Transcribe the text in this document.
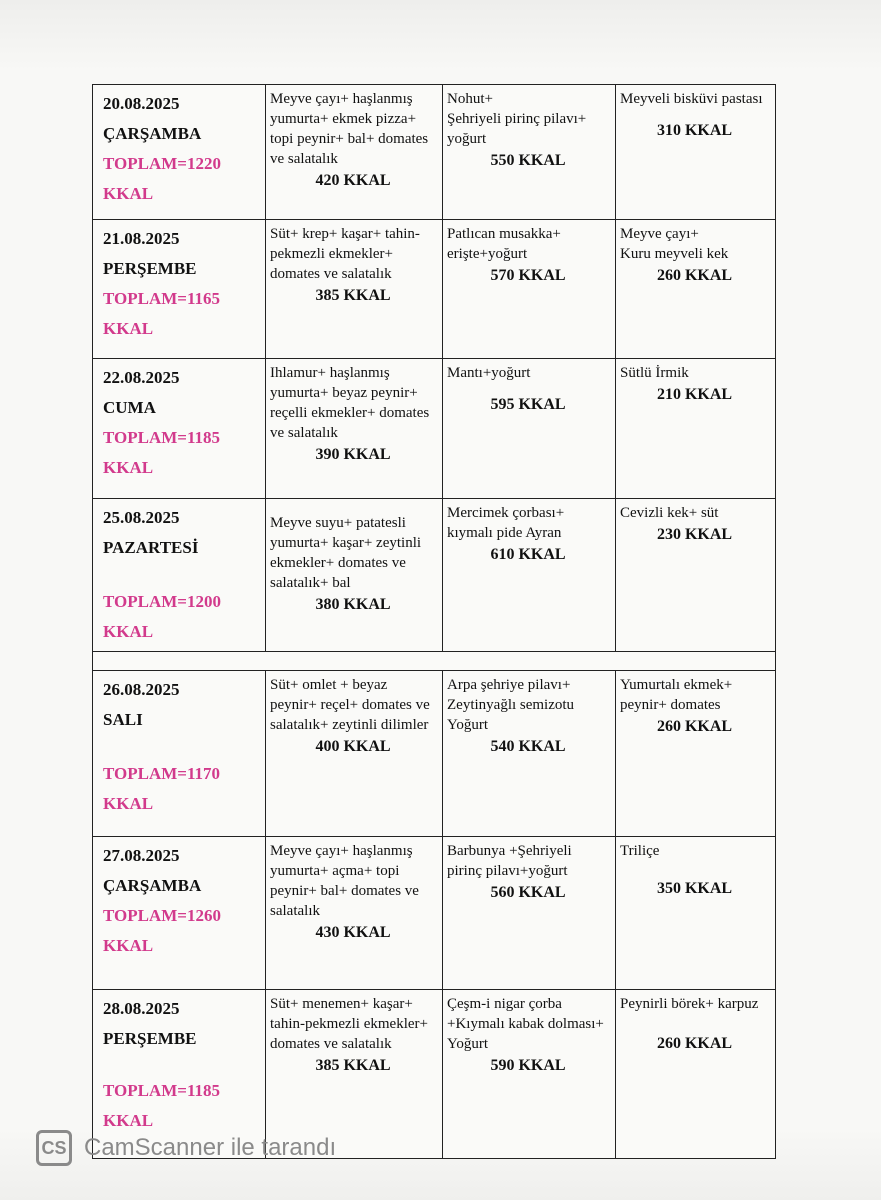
20.08.2025
ÇARŞAMBA
TOPLAM=1220
KKAL
Meyve çayı+ haşlanmış yumurta+ ekmek pizza+ topi peynir+ bal+ domates ve salatalık
420 KKAL
Nohut+
Şehriyeli pirinç pilavı+ yoğurt
550 KKAL
Meyveli bisküvi pastası
310 KKAL
21.08.2025
PERŞEMBE
TOPLAM=1165
KKAL
Süt+ krep+ kaşar+ tahin-pekmezli ekmekler+ domates ve salatalık
385 KKAL
Patlıcan musakka+ erişte+yoğurt
570 KKAL
Meyve çayı+
Kuru meyveli kek
260 KKAL
22.08.2025
CUMA
TOPLAM=1185
KKAL
Ihlamur+ haşlanmış yumurta+ beyaz peynir+ reçelli ekmekler+ domates ve salatalık
390 KKAL
Mantı+yoğurt
595 KKAL
Sütlü İrmik
210 KKAL
25.08.2025
PAZARTESİ
TOPLAM=1200
KKAL
Meyve suyu+ patatesli yumurta+ kaşar+ zeytinli ekmekler+ domates ve salatalık+ bal
380 KKAL
Mercimek çorbası+ kıymalı pide Ayran
610 KKAL
Cevizli kek+ süt
230 KKAL
26.08.2025
SALI
TOPLAM=1170
KKAL
Süt+ omlet + beyaz peynir+ reçel+ domates ve salatalık+ zeytinli dilimler
400 KKAL
Arpa şehriye pilavı+ Zeytinyağlı semizotu Yoğurt
540 KKAL
Yumurtalı ekmek+ peynir+ domates
260 KKAL
27.08.2025
ÇARŞAMBA
TOPLAM=1260
KKAL
Meyve çayı+ haşlanmış yumurta+ açma+ topi peynir+ bal+ domates ve salatalık
430 KKAL
Barbunya +Şehriyeli pirinç pilavı+yoğurt
560 KKAL
Triliçe
350 KKAL
28.08.2025
PERŞEMBE
TOPLAM=1185
KKAL
Süt+ menemen+ kaşar+ tahin-pekmezli ekmekler+ domates ve salatalık
385 KKAL
Çeşm-i nigar çorba +Kıymalı kabak dolması+ Yoğurt
590 KKAL
Peynirli börek+ karpuz
260 KKAL
CS CamScanner ile tarandı
